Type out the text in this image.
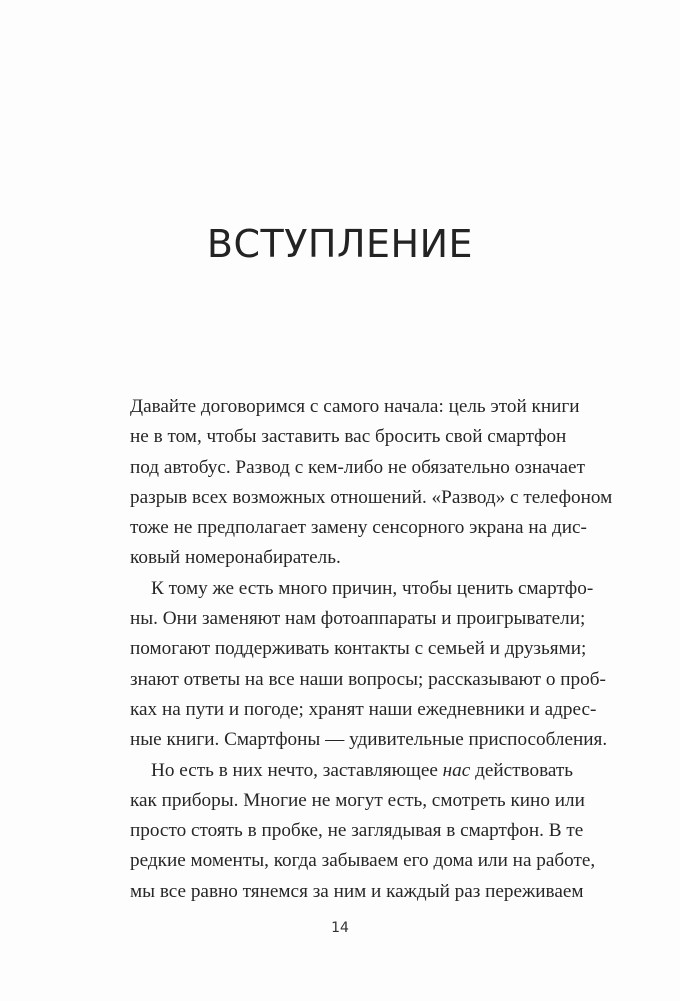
ВСТУПЛЕНИЕ
Давайте договоримся с самого начала: цель этой книги
не в том, чтобы заставить вас бросить свой смартфон
под автобус. Развод с кем-либо не обязательно означает
разрыв всех возможных отношений. «Развод» с телефоном
тоже не предполагает замену сенсорного экрана на дис-
ковый номеронабиратель.
К тому же есть много причин, чтобы ценить смартфо-
ны. Они заменяют нам фотоаппараты и проигрыватели;
помогают поддерживать контакты с семьей и друзьями;
знают ответы на все наши вопросы; рассказывают о проб-
ках на пути и погоде; хранят наши ежедневники и адрес-
ные книги. Смартфоны — удивительные приспособления.
Но есть в них нечто, заставляющее нас действовать
как приборы. Многие не могут есть, смотреть кино или
просто стоять в пробке, не заглядывая в смартфон. В те
редкие моменты, когда забываем его дома или на работе,
мы все равно тянемся за ним и каждый раз переживаем
14
